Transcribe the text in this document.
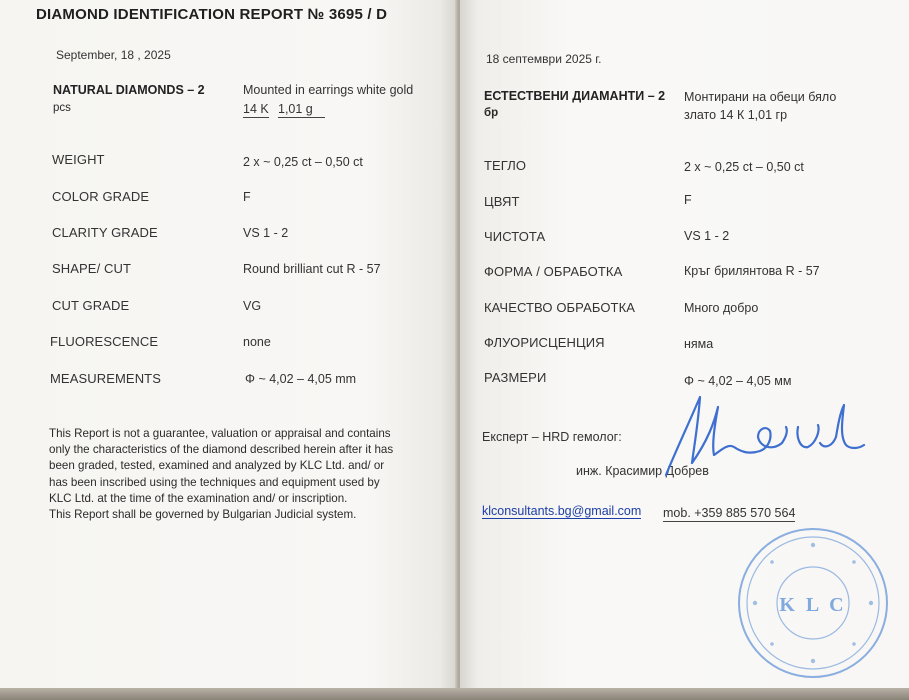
DIAMOND IDENTIFICATION REPORT № 3695 / D
September, 18 , 2025
NATURAL DIAMONDS – 2
pcs
Mounted in earrings white gold
14 K 1,01 g
WEIGHT	2 x ~ 0,25 ct – 0,50 ct
COLOR GRADE	F
CLARITY GRADE	VS 1 - 2
SHAPE/ CUT	Round brilliant cut R - 57
CUT GRADE	VG
FLUORESCENCE	none
MEASUREMENTS	Φ ~ 4,02 – 4,05 mm
This Report is not a guarantee, valuation or appraisal and contains
only the characteristics of the diamond described herein after it has
been graded, tested, examined and analyzed by KLC Ltd. and/ or
has been inscribed using the techniques and equipment used by
KLC Ltd. at the time of the examination and/ or inscription.
This Report shall be governed by Bulgarian Judicial system.
18 септември 2025 г.
ЕСТЕСТВЕНИ ДИАМАНТИ – 2
бр
Монтирани на обеци бяло
злато 14 К 1,01 гр
ТЕГЛО	2 x ~ 0,25 ct – 0,50 ct
ЦВЯТ	F
ЧИСТОТА	VS 1 - 2
ФОРМА / ОБРАБОТКА	Кръг брилянтова R - 57
КАЧЕСТВО ОБРАБОТКА	Много добро
ФЛУОРИСЦЕНЦИЯ	няма
РАЗМЕРИ	Φ ~ 4,02 – 4,05 мм
Експерт – HRD гемолог:
инж. Красимир Добрев
klconsultants.bg@gmail.com mob. +359 885 570 564
K L C
